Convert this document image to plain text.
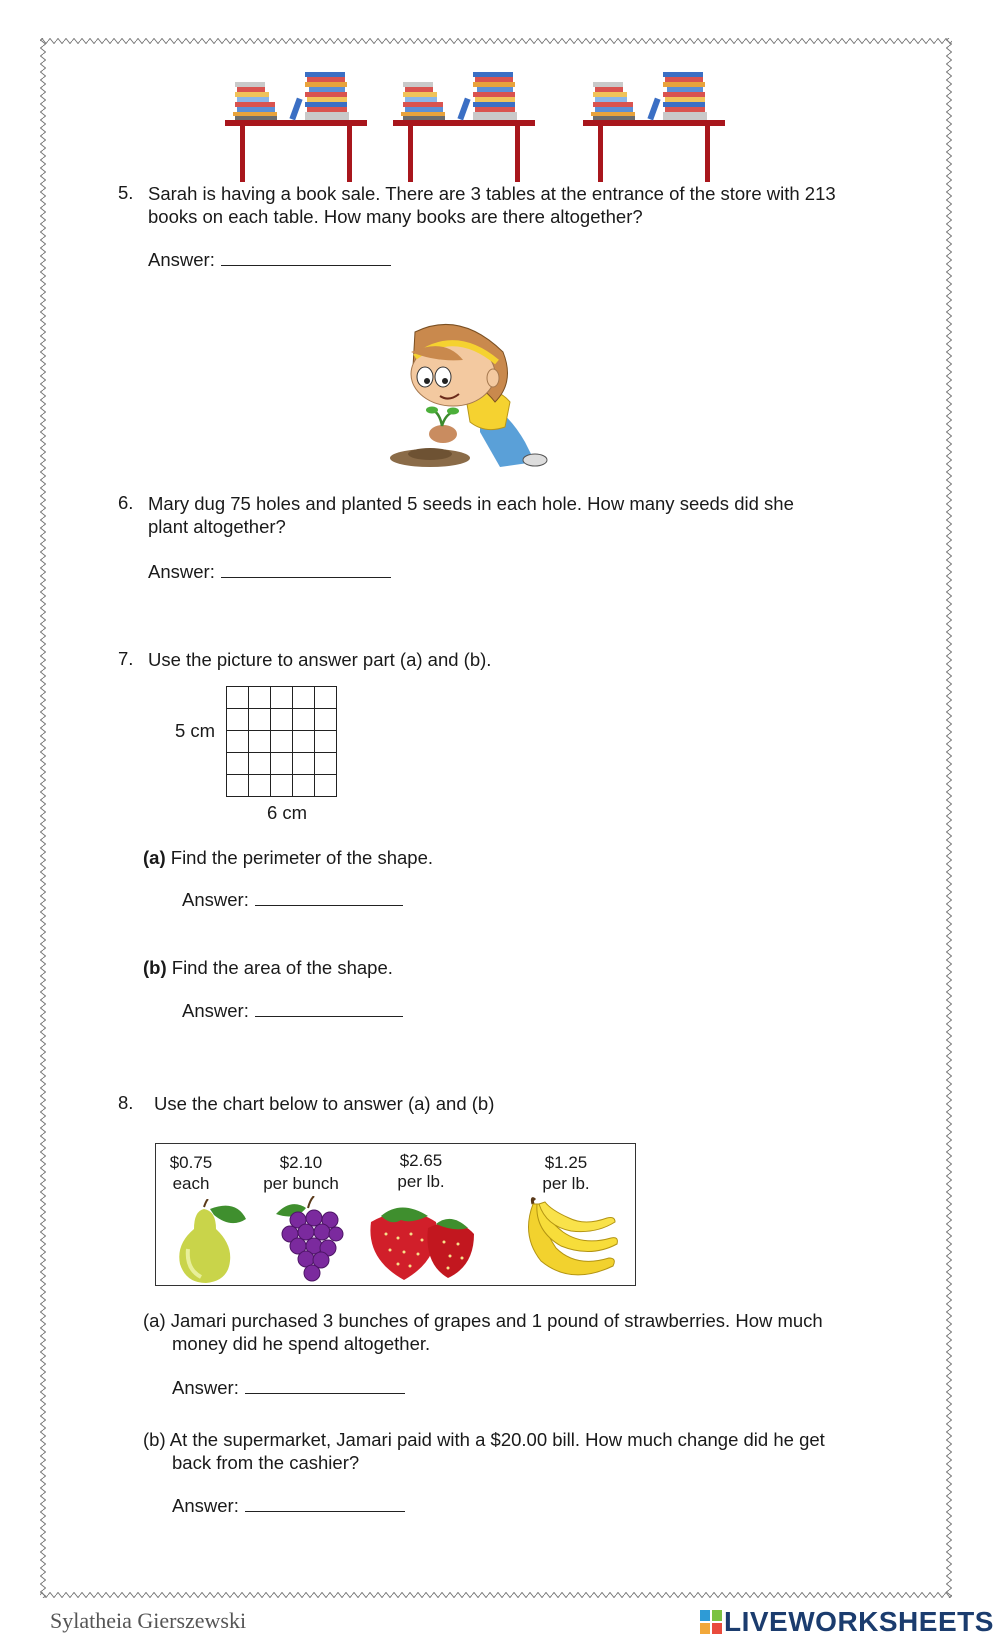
5. Sarah is having a book sale. There are 3 tables at the entrance of the store with 213
books on each table. How many books are there altogether?
Answer:
6. Mary dug 75 holes and planted 5 seeds in each hole. How many seeds did she
plant altogether?
Answer:
7. Use the picture to answer part (a) and (b).
5 cm

6 cm
(a) Find the perimeter of the shape.
Answer:
(b) Find the area of the shape.
Answer:
8. Use the chart below to answer (a) and (b)
$0.75
each
$2.10
per bunch
$2.65
per lb.
$1.25
per lb.
(a) Jamari purchased 3 bunches of grapes and 1 pound of strawberries. How much
money did he spend altogether.
Answer:
(b) At the supermarket, Jamari paid with a $20.00 bill. How much change did he get
back from the cashier?
Answer:
Sylatheia Gierszewski	LIVEWORKSHEETS
